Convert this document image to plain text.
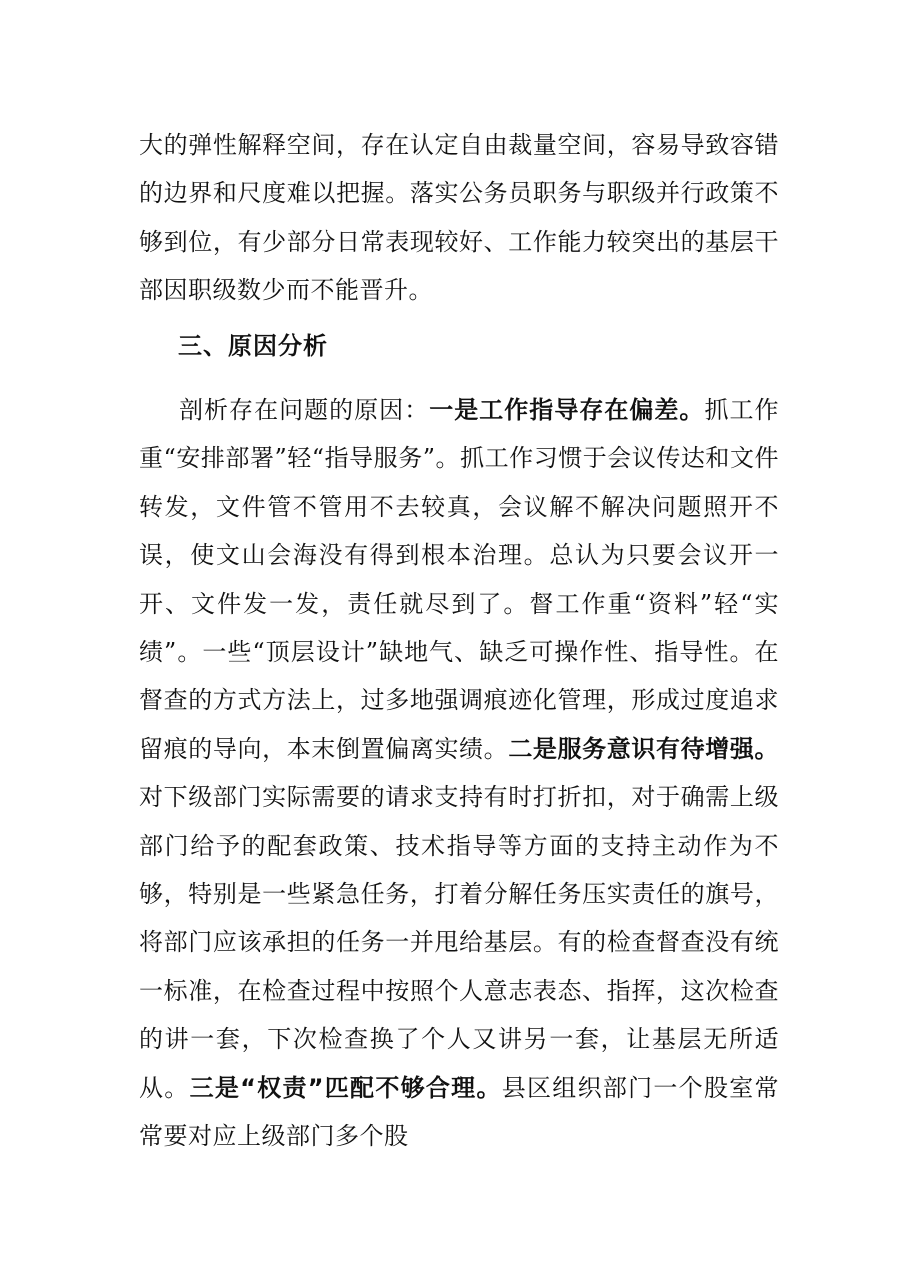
大的弹性解释空间，存在认定自由裁量空间，容易导致容错的边界和尺度难以把握。落实公务员职务与职级并行政策不够到位，有少部分日常表现较好、工作能力较突出的基层干部因职级数少而不能晋升。

三、原因分析

剖析存在问题的原因：一是工作指导存在偏差。抓工作重“安排部署”轻“指导服务”。抓工作习惯于会议传达和文件转发，文件管不管用不去较真，会议解不解决问题照开不误，使文山会海没有得到根本治理。总认为只要会议开一开、文件发一发，责任就尽到了。督工作重“资料”轻“实绩”。一些“顶层设计”缺地气、缺乏可操作性、指导性。在督查的方式方法上，过多地强调痕迹化管理，形成过度追求留痕的导向，本末倒置偏离实绩。二是服务意识有待增强。对下级部门实际需要的请求支持有时打折扣，对于确需上级部门给予的配套政策、技术指导等方面的支持主动作为不够，特别是一些紧急任务，打着分解任务压实责任的旗号，将部门应该承担的任务一并甩给基层。有的检查督查没有统一标准，在检查过程中按照个人意志表态、指挥，这次检查的讲一套，下次检查换了个人又讲另一套，让基层无所适从。三是“权责”匹配不够合理。县区组织部门一个股室常常要对应上级部门多个股
